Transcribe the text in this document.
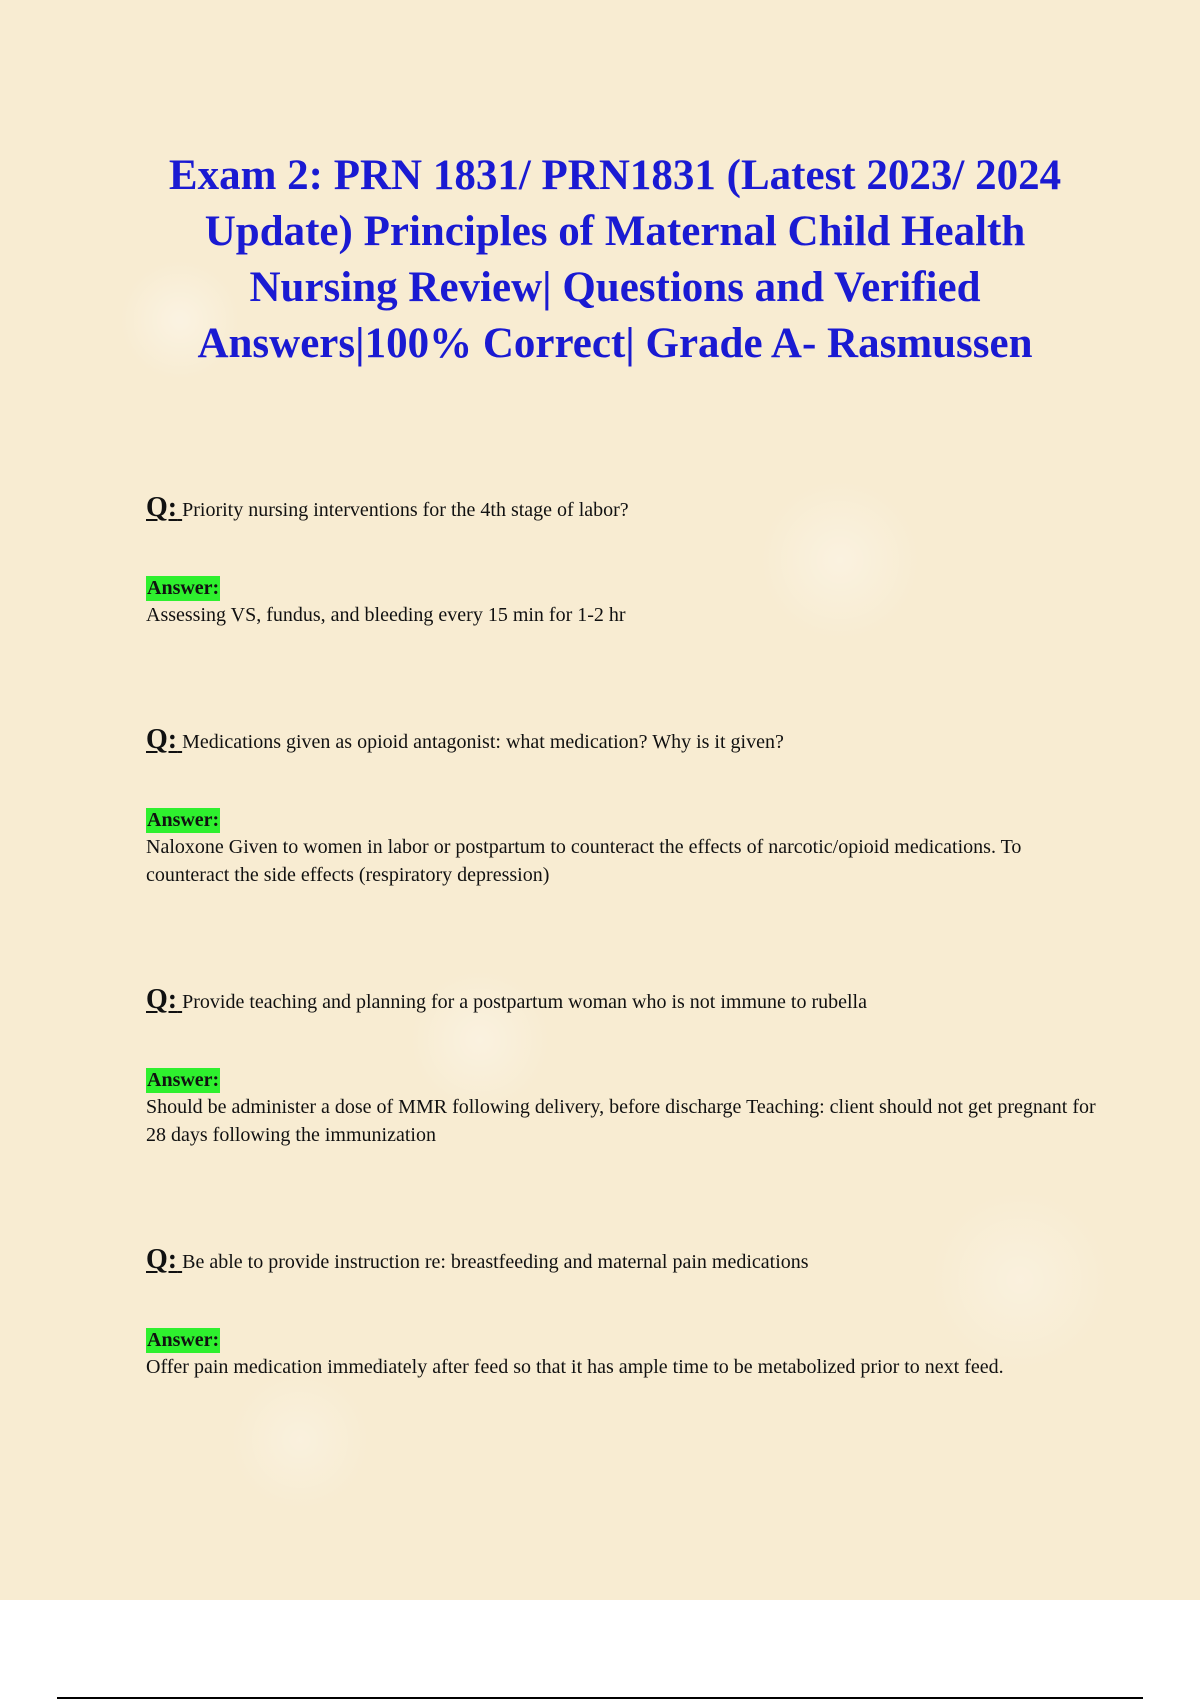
Exam 2: PRN 1831/ PRN1831 (Latest 2023/ 2024 Update) Principles of Maternal Child Health Nursing Review| Questions and Verified Answers|100% Correct| Grade A- Rasmussen
Q: Priority nursing interventions for the 4th stage of labor?
Answer:
Assessing VS, fundus, and bleeding every 15 min for 1-2 hr
Q: Medications given as opioid antagonist: what medication? Why is it given?
Answer:
Naloxone Given to women in labor or postpartum to counteract the effects of narcotic/opioid medications. To counteract the side effects (respiratory depression)
Q: Provide teaching and planning for a postpartum woman who is not immune to rubella
Answer:
Should be administer a dose of MMR following delivery, before discharge Teaching: client should not get pregnant for 28 days following the immunization
Q: Be able to provide instruction re: breastfeeding and maternal pain medications
Answer:
Offer pain medication immediately after feed so that it has ample time to be metabolized prior to next feed.
